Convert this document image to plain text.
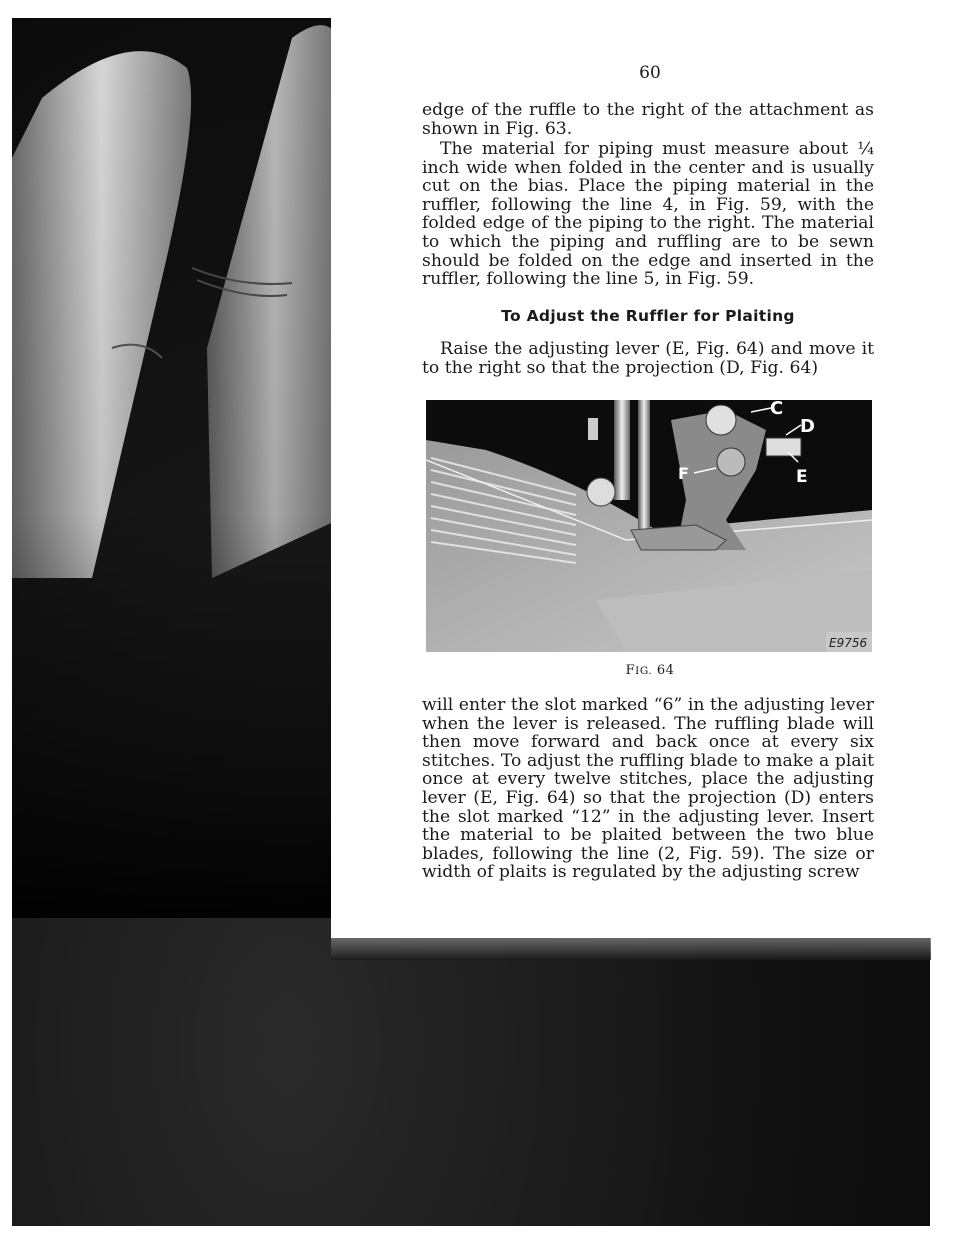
60

edge of the ruffle to the right of the attachment as shown in Fig. 63.

The material for piping must measure about ¼ inch wide when folded in the center and is usually cut on the bias. Place the piping material in the ruffler, following the line 4, in Fig. 59, with the folded edge of the piping to the right. The material to which the piping and ruffling are to be sewn should be folded on the edge and inserted in the ruffler, following the line 5, in Fig. 59.

To Adjust the Ruffler for Plaiting

Raise the adjusting lever (E, Fig. 64) and move it to the right so that the projection (D, Fig. 64)

C
D
E
F
E9756
FIG. 64

will enter the slot marked “6” in the adjusting lever when the lever is released. The ruffling blade will then move forward and back once at every six stitches. To adjust the ruffling blade to make a plait once at every twelve stitches, place the adjusting lever (E, Fig. 64) so that the projection (D) enters the slot marked “12” in the adjusting lever. Insert the material to be plaited between the two blue blades, following the line (2, Fig. 59). The size or width of plaits is regulated by the adjusting screw
